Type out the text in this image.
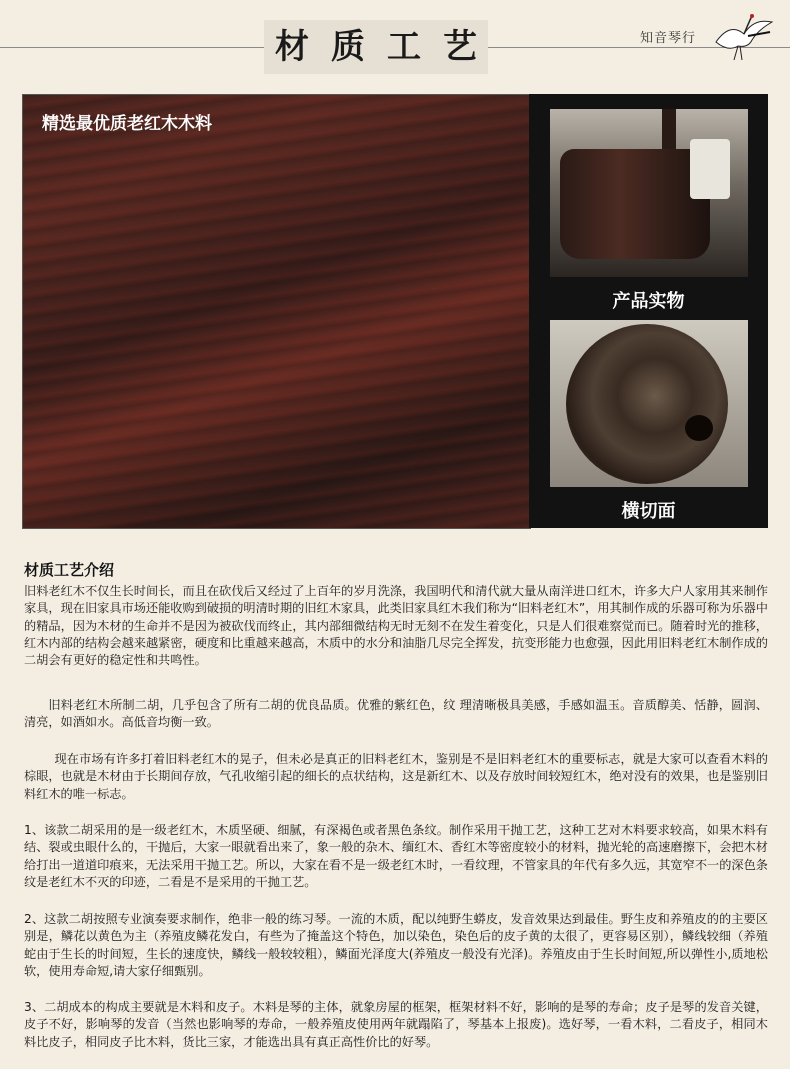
材 质 工 艺	知音琴行
精选最优质老红木木料
产品实物
横切面
材质工艺介绍
旧料老红木不仅生长时间长，而且在砍伐后又经过了上百年的岁月洗涤，我国明代和清代就大量从南洋进口红木，许多大户人家用其来制作家具，现在旧家具市场还能收购到破损的明清时期的旧红木家具，此类旧家具红木我们称为“旧料老红木”，用其制作成的乐器可称为乐器中的精品，因为木材的生命并不是因为被砍伐而终止，其内部细微结构无时无刻不在发生着变化，只是人们很难察觉而已。随着时光的推移，红木内部的结构会越来越紧密，硬度和比重越来越高，木质中的水分和油脂几尽完全挥发，抗变形能力也愈强，因此用旧料老红木制作成的二胡会有更好的稳定性和共鸣性。
旧料老红木所制二胡，几乎包含了所有二胡的优良品质。优雅的紫红色，纹 理清晰极具美感，手感如温玉。音质醇美、恬静，圆润、清亮，如酒如水。高低音均衡一致。
现在市场有许多打着旧料老红木的晃子，但未必是真正的旧料老红木，鉴别是不是旧料老红木的重要标志，就是大家可以查看木料的棕眼，也就是木材由于长期间存放，气孔收缩引起的细长的点状结构，这是新红木、以及存放时间较短红木，绝对没有的效果，也是鉴别旧料红木的唯一标志。
1、该款二胡采用的是一级老红木，木质坚硬、细腻，有深褐色或者黑色条纹。制作采用干抛工艺，这种工艺对木料要求较高，如果木料有结、裂或虫眼什么的，干抛后，大家一眼就看出来了，象一般的杂木、缅红木、香红木等密度较小的材料，抛光轮的高速磨擦下，会把木材给打出一道道印痕来，无法采用干抛工艺。所以，大家在看不是一级老红木时，一看纹理，不管家具的年代有多久远，其宽窄不一的深色条纹是老红木不灭的印迹，二看是不是采用的干抛工艺。
2、这款二胡按照专业演奏要求制作，绝非一般的练习琴。一流的木质，配以纯野生蟒皮，发音效果达到最佳。野生皮和养殖皮的的主要区别是，鳞花以黄色为主（养殖皮鳞花发白，有些为了掩盖这个特色，加以染色，染色后的皮子黄的太很了，更容易区别），鳞线较细（养殖蛇由于生长的时间短，生长的速度快，鳞线一般较较粗），鳞面光泽度大(养殖皮一般没有光泽)。养殖皮由于生长时间短,所以弹性小,质地松软，使用寿命短,请大家仔细甄别。
3、二胡成本的构成主要就是木料和皮子。木料是琴的主体，就象房屋的框架，框架材料不好，影响的是琴的寿命；皮子是琴的发音关键，皮子不好，影响琴的发音（当然也影响琴的寿命，一般养殖皮使用两年就蹋陷了，琴基本上报废)。选好琴，一看木料，二看皮子，相同木料比皮子，相同皮子比木料，货比三家，才能选出具有真正高性价比的好琴。
